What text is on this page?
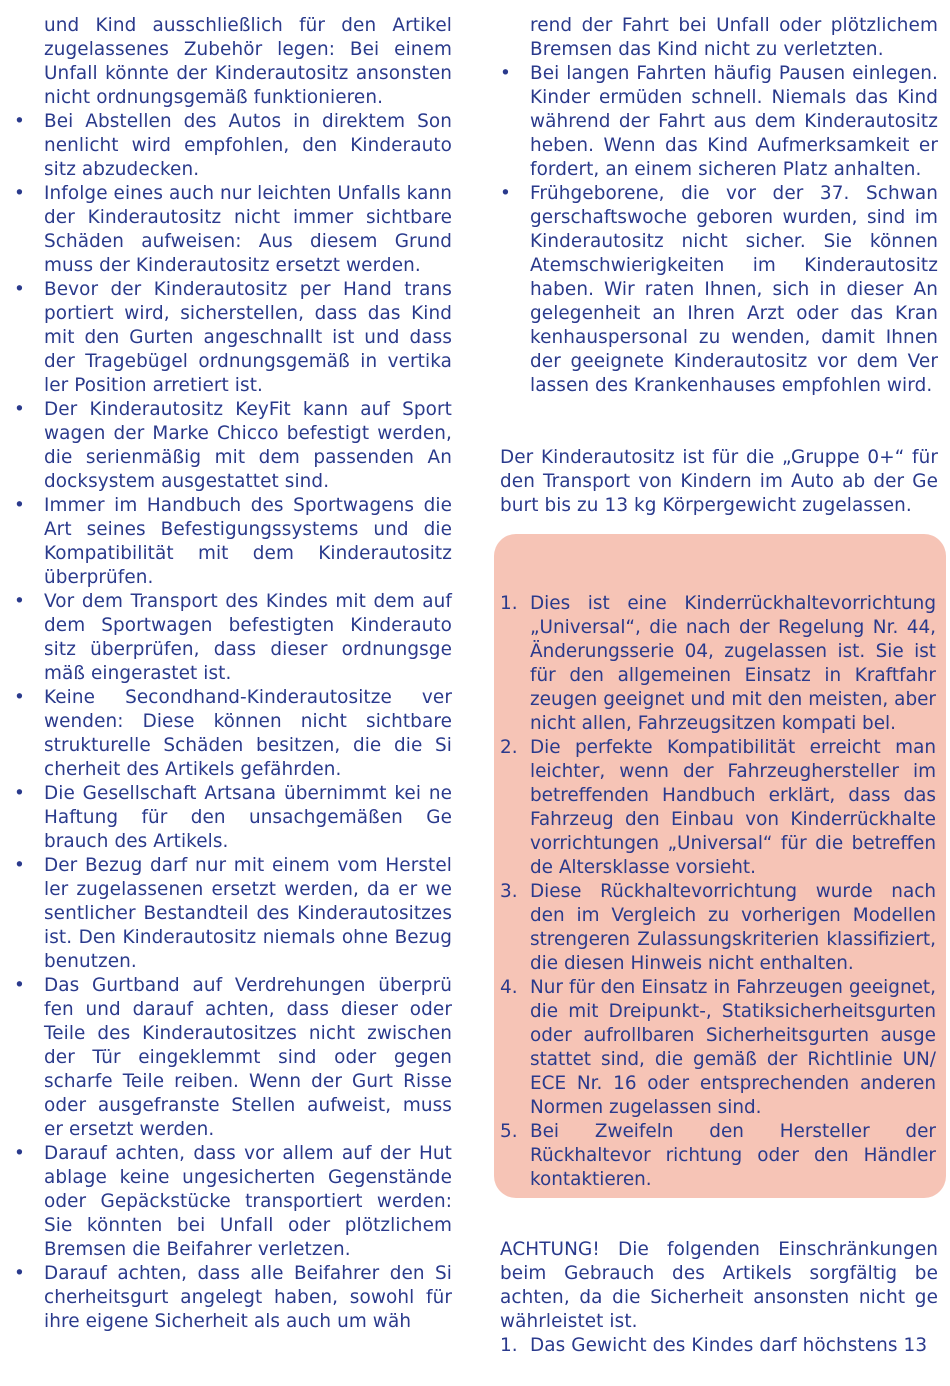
und Kind ausschließlich für den Artikel zugelassenes Zubehör legen: Bei einem Unfall könnte der Kinderautositz ansonsten nicht ordnungsgemäß funktionieren.
• Bei Abstellen des Autos in direktem Son nenlicht wird empfohlen, den Kinderauto sitz abzudecken.
• Infolge eines auch nur leichten Unfalls kann der Kinderautositz nicht immer sichtbare Schäden aufweisen: Aus diesem Grund muss der Kinderautositz ersetzt werden.
• Bevor der Kinderautositz per Hand trans portiert wird, sicherstellen, dass das Kind mit den Gurten angeschnallt ist und dass der Tragebügel ordnungsgemäß in vertika ler Position arretiert ist.
• Der Kinderautositz KeyFit kann auf Sport wagen der Marke Chicco befestigt werden, die serienmäßig mit dem passenden An docksystem ausgestattet sind.
• Immer im Handbuch des Sportwagens die Art seines Befestigungssystems und die Kompatibilität mit dem Kinderautositz überprüfen.
• Vor dem Transport des Kindes mit dem auf dem Sportwagen befestigten Kinderauto sitz überprüfen, dass dieser ordnungsge mäß eingerastet ist.
• Keine Secondhand-Kinderautositze ver wenden: Diese können nicht sichtbare strukturelle Schäden besitzen, die die Si cherheit des Artikels gefährden.
• Die Gesellschaft Artsana übernimmt kei ne Haftung für den unsachgemäßen Ge brauch des Artikels.
• Der Bezug darf nur mit einem vom Herstel ler zugelassenen ersetzt werden, da er we sentlicher Bestandteil des Kinderautositzes ist. Den Kinderautositz niemals ohne Bezug benutzen.
• Das Gurtband auf Verdrehungen überprü fen und darauf achten, dass dieser oder Teile des Kinderautositzes nicht zwischen der Tür eingeklemmt sind oder gegen scharfe Teile reiben. Wenn der Gurt Risse oder ausgefranste Stellen aufweist, muss er ersetzt werden.
• Darauf achten, dass vor allem auf der Hut ablage keine ungesicherten Gegenstände oder Gepäckstücke transportiert werden: Sie könnten bei Unfall oder plötzlichem Bremsen die Beifahrer verletzen.
• Darauf achten, dass alle Beifahrer den Si cherheitsgurt angelegt haben, sowohl für ihre eigene Sicherheit als auch um wäh
rend der Fahrt bei Unfall oder plötzlichem Bremsen das Kind nicht zu verletzten.
• Bei langen Fahrten häufig Pausen einlegen. Kinder ermüden schnell. Niemals das Kind während der Fahrt aus dem Kinderautositz heben. Wenn das Kind Aufmerksamkeit er fordert, an einem sicheren Platz anhalten.
• Frühgeborene, die vor der 37. Schwan gerschaftswoche geboren wurden, sind im Kinderautositz nicht sicher. Sie können Atemschwierigkeiten im Kinderautositz haben. Wir raten Ihnen, sich in dieser An gelegenheit an Ihren Arzt oder das Kran kenhauspersonal zu wenden, damit Ihnen der geeignete Kinderautositz vor dem Ver lassen des Krankenhauses empfohlen wird.
Der Kinderautositz ist für die „Gruppe 0+“ für den Transport von Kindern im Auto ab der Ge burt bis zu 13 kg Körpergewicht zugelassen.
1. Dies ist eine Kinderrückhaltevorrichtung „Universal“, die nach der Regelung Nr. 44, Änderungsserie 04, zugelassen ist. Sie ist für den allgemeinen Einsatz in Kraftfahr zeugen geeignet und mit den meisten, aber nicht allen, Fahrzeugsitzen kompati bel.
2. Die perfekte Kompatibilität erreicht man leichter, wenn der Fahrzeughersteller im betreffenden Handbuch erklärt, dass das Fahrzeug den Einbau von Kinderrückhalte vorrichtungen „Universal“ für die betreffen de Altersklasse vorsieht.
3. Diese Rückhaltevorrichtung wurde nach den im Vergleich zu vorherigen Modellen strengeren Zulassungskriterien klassifiziert, die diesen Hinweis nicht enthalten.
4. Nur für den Einsatz in Fahrzeugen geeignet, die mit Dreipunkt-, Statiksicherheitsgurten oder aufrollbaren Sicherheitsgurten ausge stattet sind, die gemäß der Richtlinie UN/ ECE Nr. 16 oder entsprechenden anderen Normen zugelassen sind.
5. Bei Zweifeln den Hersteller der Rückhaltevor richtung oder den Händler kontaktieren.
ACHTUNG! Die folgenden Einschränkungen beim Gebrauch des Artikels sorgfältig be achten, da die Sicherheit ansonsten nicht ge währleistet ist.
1. Das Gewicht des Kindes darf höchstens 13
